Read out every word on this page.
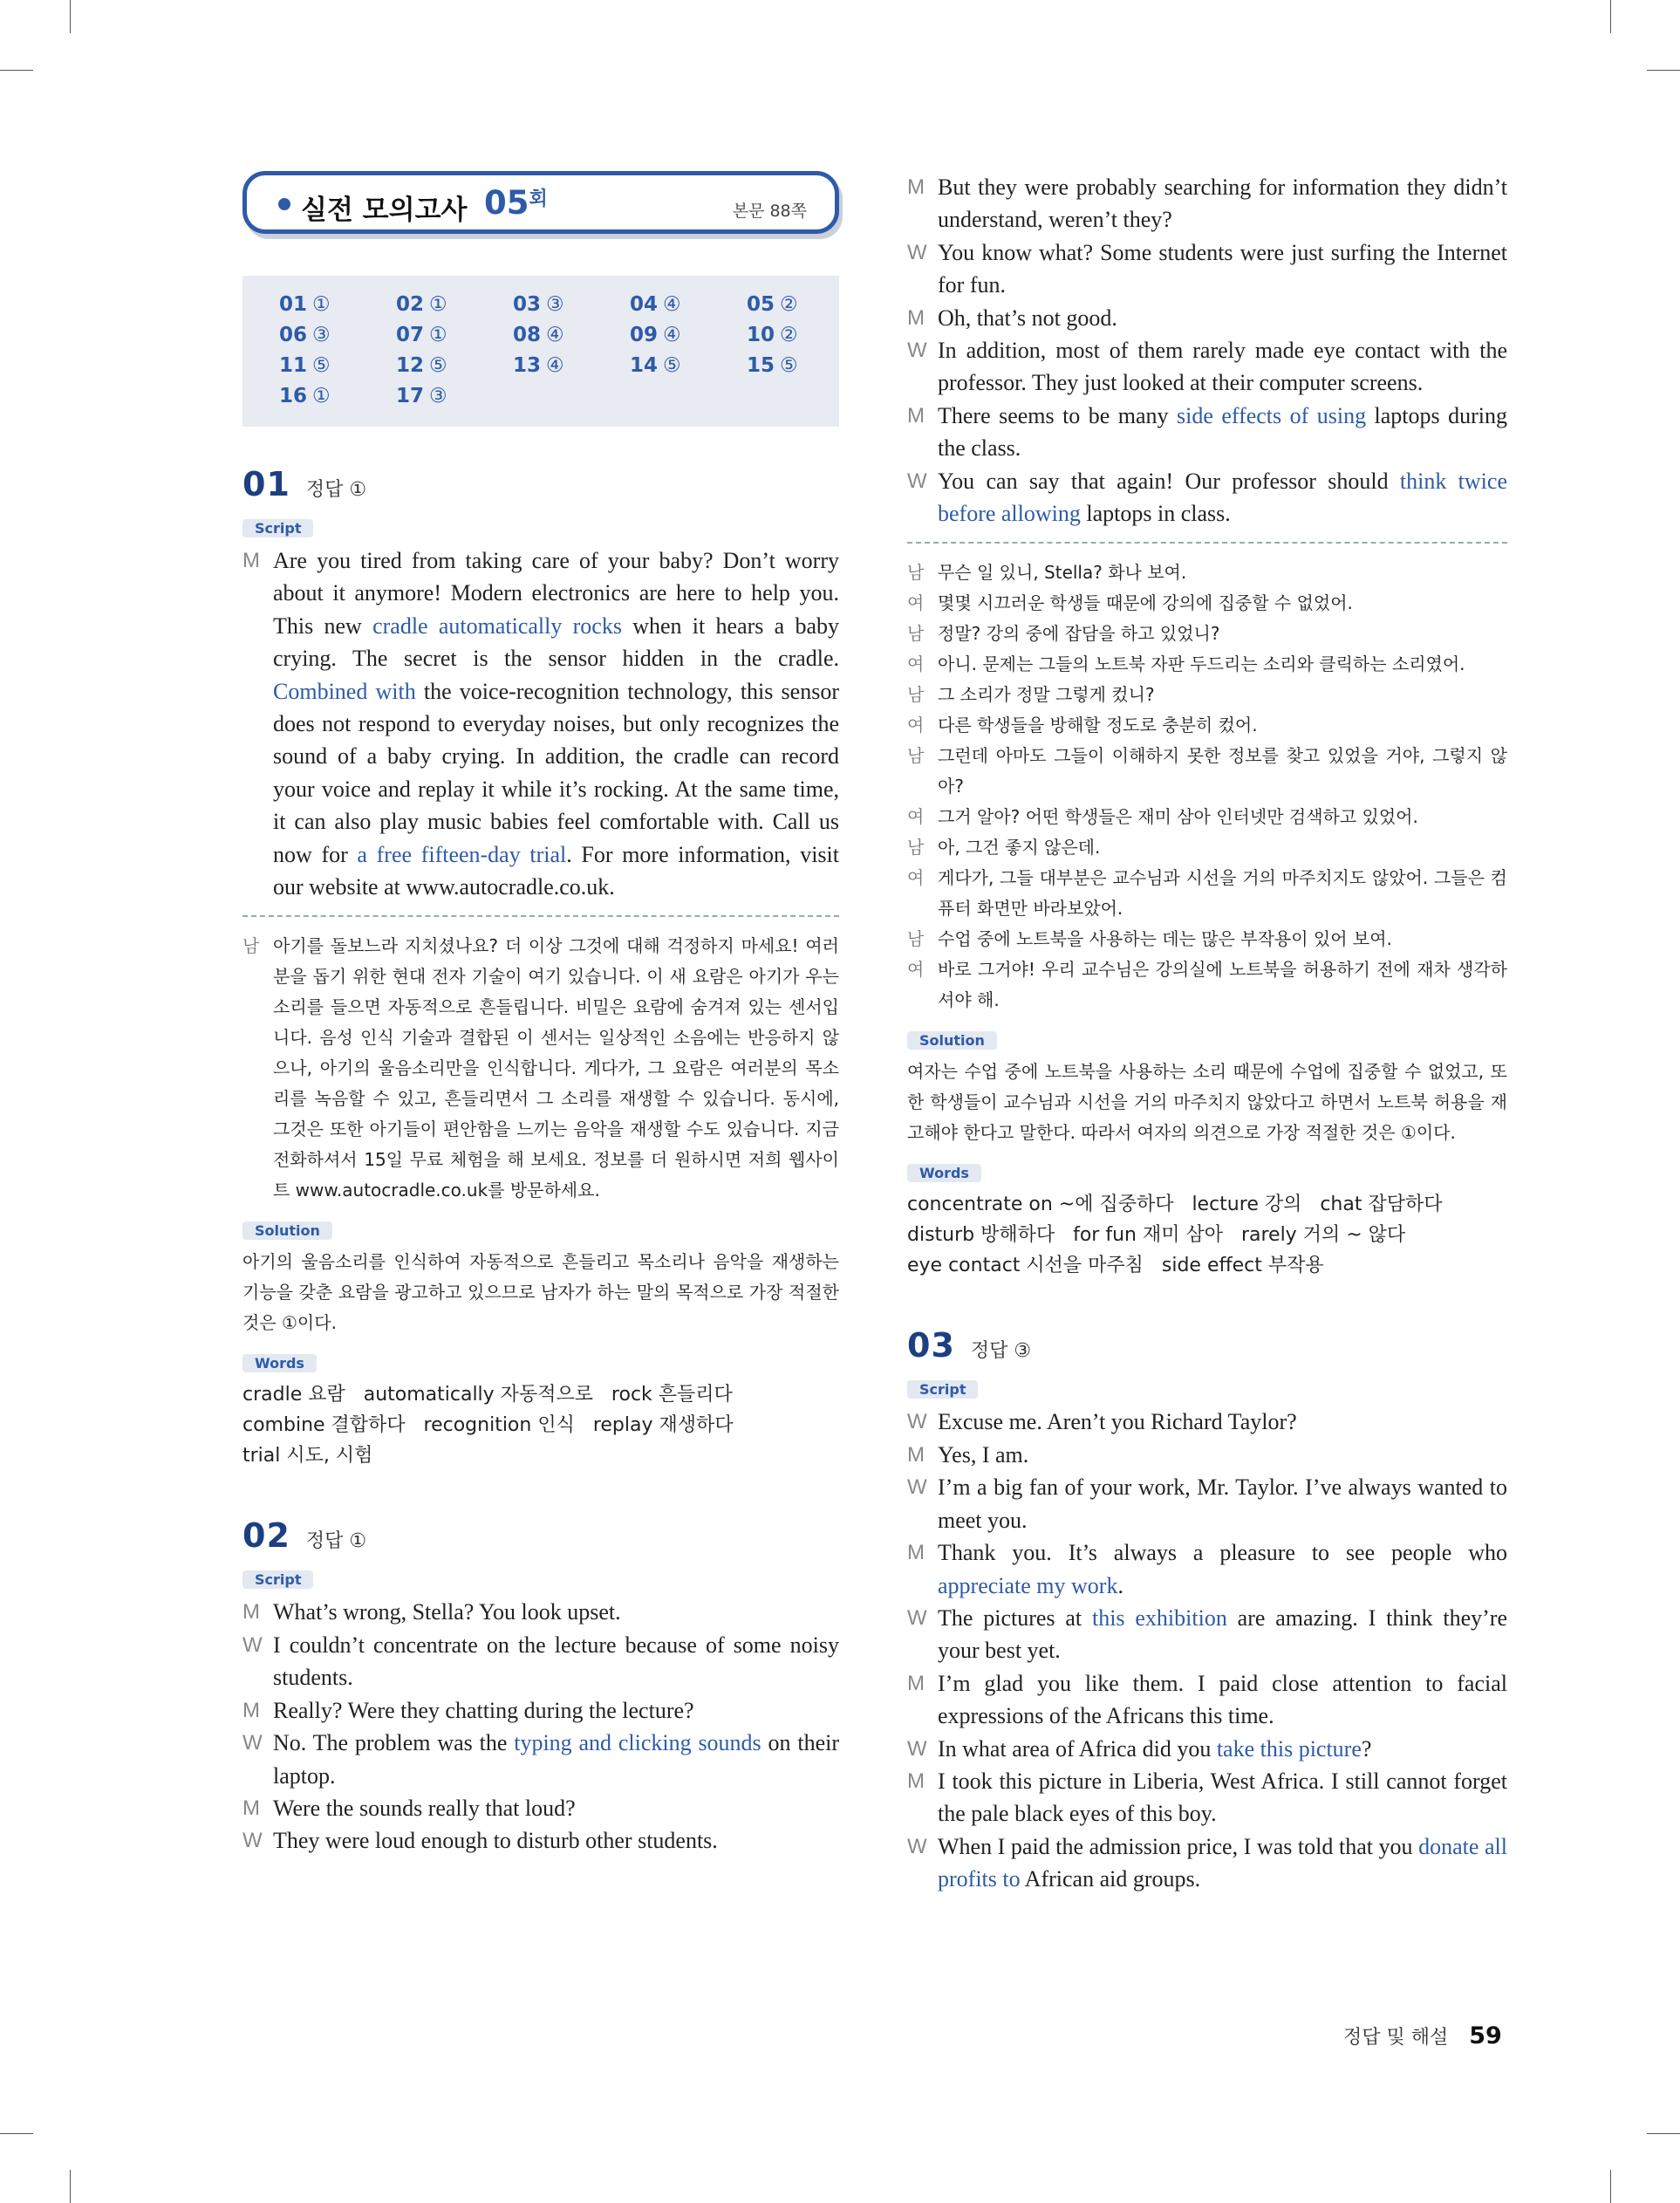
실전 모의고사 $05^회$
본문 88쪽
01 ①	02 ①	03 ③	04 ④	05 ②
06 ③	07 ①	08 ④	09 ④	10 ②
11 ⑤	12 ⑤	13 ④	14 ⑤	15 ⑤
16 ①	17 ③
01 정답 ①
Script
M Are you tired from taking care of your baby? Don’t worry about it anymore! Modern electronics are here to help you. This new cradle automatically rocks when it hears a baby crying. The secret is the sensor hidden in the cradle. Combined with the voice-recognition technology, this sensor does not respond to everyday noises, but only recognizes the sound of a baby crying. In addition, the cradle can record your voice and replay it while it’s rocking. At the same time, it can also play music babies feel comfortable with. Call us now for a free fifteen-day trial. For more information, visit our website at www.autocradle.co.uk.
남 아기를 돌보느라 지치셨나요? 더 이상 그것에 대해 걱정하지 마세요! 여러분을 돕기 위한 현대 전자 기술이 여기 있습니다. 이 새 요람은 아기가 우는 소리를 들으면 자동적으로 흔들립니다. 비밀은 요람에 숨겨져 있는 센서입니다. 음성 인식 기술과 결합된 이 센서는 일상적인 소음에는 반응하지 않으나, 아기의 울음소리만을 인식합니다. 게다가, 그 요람은 여러분의 목소리를 녹음할 수 있고, 흔들리면서 그 소리를 재생할 수 있습니다. 동시에, 그것은 또한 아기들이 편안함을 느끼는 음악을 재생할 수도 있습니다. 지금 전화하셔서 15일 무료 체험을 해 보세요. 정보를 더 원하시면 저희 웹사이트 www.autocradle.co.uk를 방문하세요.
Solution
아기의 울음소리를 인식하여 자동적으로 흔들리고 목소리나 음악을 재생하는 기능을 갖춘 요람을 광고하고 있으므로 남자가 하는 말의 목적으로 가장 적절한 것은 ①이다.
Words
cradle 요람   automatically 자동적으로   rock 흔들리다
combine 결합하다   recognition 인식   replay 재생하다
trial 시도, 시험
02 정답 ①
Script
M What’s wrong, Stella? You look upset.
W I couldn’t concentrate on the lecture because of some noisy students.
M Really? Were they chatting during the lecture?
W No. The problem was the typing and clicking sounds on their laptop.
M Were the sounds really that loud?
W They were loud enough to disturb other students.
M But they were probably searching for information they didn’t understand, weren’t they?
W You know what? Some students were just surfing the Internet for fun.
M Oh, that’s not good.
W In addition, most of them rarely made eye contact with the professor. They just looked at their computer screens.
M There seems to be many side effects of using laptops during the class.
W You can say that again! Our professor should think twice before allowing laptops in class.
남 무슨 일 있니, Stella? 화나 보여.
여 몇몇 시끄러운 학생들 때문에 강의에 집중할 수 없었어.
남 정말? 강의 중에 잡담을 하고 있었니?
여 아니. 문제는 그들의 노트북 자판 두드리는 소리와 클릭하는 소리였어.
남 그 소리가 정말 그렇게 컸니?
여 다른 학생들을 방해할 정도로 충분히 컸어.
남 그런데 아마도 그들이 이해하지 못한 정보를 찾고 있었을 거야, 그렇지 않아?
여 그거 알아? 어떤 학생들은 재미 삼아 인터넷만 검색하고 있었어.
남 아, 그건 좋지 않은데.
여 게다가, 그들 대부분은 교수님과 시선을 거의 마주치지도 않았어. 그들은 컴퓨터 화면만 바라보았어.
남 수업 중에 노트북을 사용하는 데는 많은 부작용이 있어 보여.
여 바로 그거야! 우리 교수님은 강의실에 노트북을 허용하기 전에 재차 생각하셔야 해.
Solution
여자는 수업 중에 노트북을 사용하는 소리 때문에 수업에 집중할 수 없었고, 또한 학생들이 교수님과 시선을 거의 마주치지 않았다고 하면서 노트북 허용을 재고해야 한다고 말한다. 따라서 여자의 의견으로 가장 적절한 것은 ①이다.
Words
concentrate on ~에 집중하다   lecture 강의   chat 잡담하다
disturb 방해하다   for fun 재미 삼아   rarely 거의 ~ 않다
eye contact 시선을 마주침   side effect 부작용
03 정답 ③
Script
W Excuse me. Aren’t you Richard Taylor?
M Yes, I am.
W I’m a big fan of your work, Mr. Taylor. I’ve always wanted to meet you.
M Thank you. It’s always a pleasure to see people who appreciate my work.
W The pictures at this exhibition are amazing. I think they’re your best yet.
M I’m glad you like them. I paid close attention to facial expressions of the Africans this time.
W In what area of Africa did you take this picture?
M I took this picture in Liberia, West Africa. I still cannot forget the pale black eyes of this boy.
W When I paid the admission price, I was told that you donate all profits to African aid groups.
정답 및 해설 59
